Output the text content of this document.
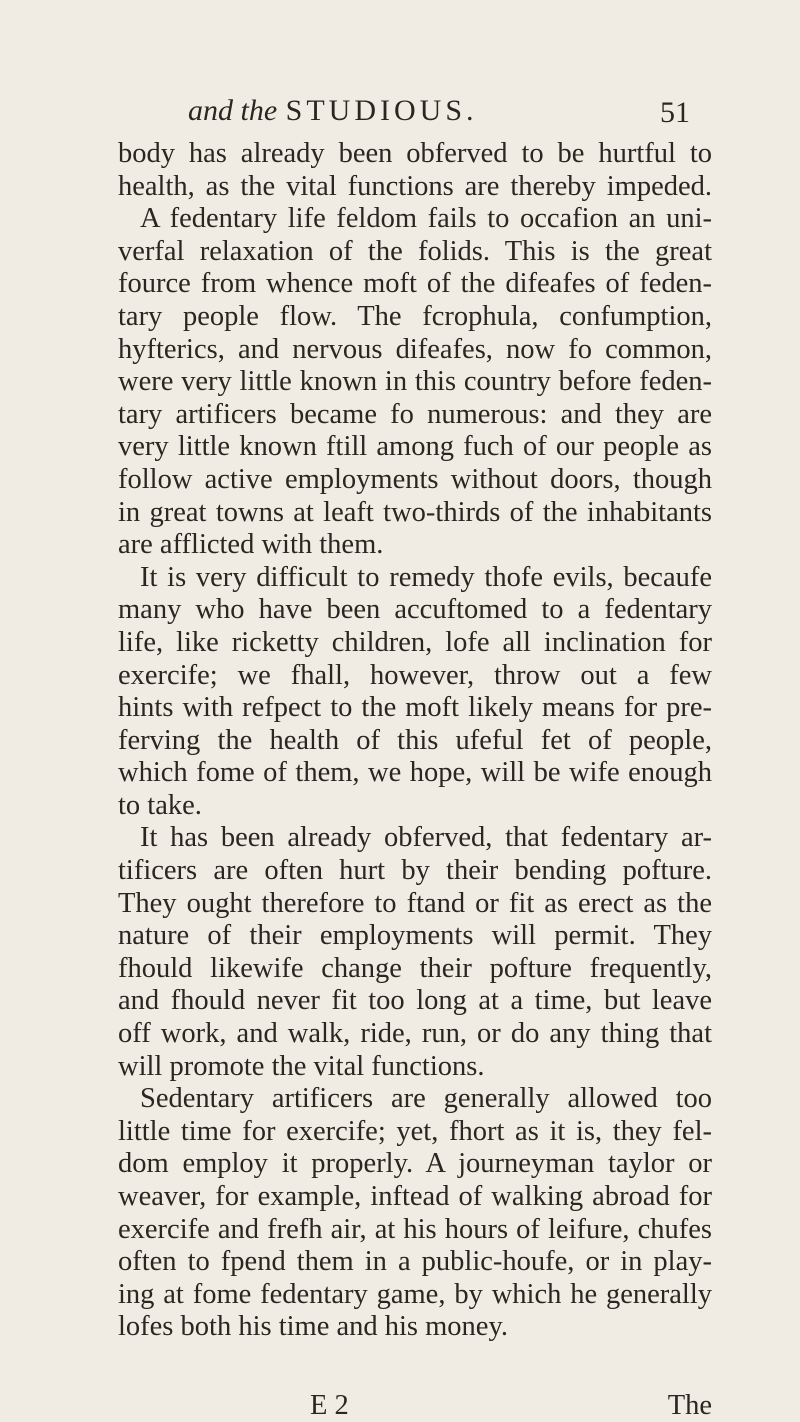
and the STUDIOUS.	51
body has already been obferved to be hurtful to
health, as the vital functions are thereby impeded.
A fedentary life feldom fails to occafion an uni-
verfal relaxation of the folids. This is the great
fource from whence moft of the difeafes of feden-
tary people flow. The fcrophula, confumption,
hyfterics, and nervous difeafes, now fo common,
were very little known in this country before feden-
tary artificers became fo numerous: and they are
very little known ftill among fuch of our people as
follow active employments without doors, though
in great towns at leaft two-thirds of the inhabitants
are afflicted with them.
It is very difficult to remedy thofe evils, becaufe
many who have been accuftomed to a fedentary
life, like ricketty children, lofe all inclination for
exercife; we fhall, however, throw out a few
hints with refpect to the moft likely means for pre-
ferving the health of this ufeful fet of people,
which fome of them, we hope, will be wife enough
to take.
It has been already obferved, that fedentary ar-
tificers are often hurt by their bending pofture.
They ought therefore to ftand or fit as erect as the
nature of their employments will permit. They
fhould likewife change their pofture frequently,
and fhould never fit too long at a time, but leave
off work, and walk, ride, run, or do any thing that
will promote the vital functions.
Sedentary artificers are generally allowed too
little time for exercife; yet, fhort as it is, they fel-
dom employ it properly. A journeyman taylor or
weaver, for example, inftead of walking abroad for
exercife and frefh air, at his hours of leifure, chufes
often to fpend them in a public-houfe, or in play-
ing at fome fedentary game, by which he generally
lofes both his time and his money.
E 2	The
